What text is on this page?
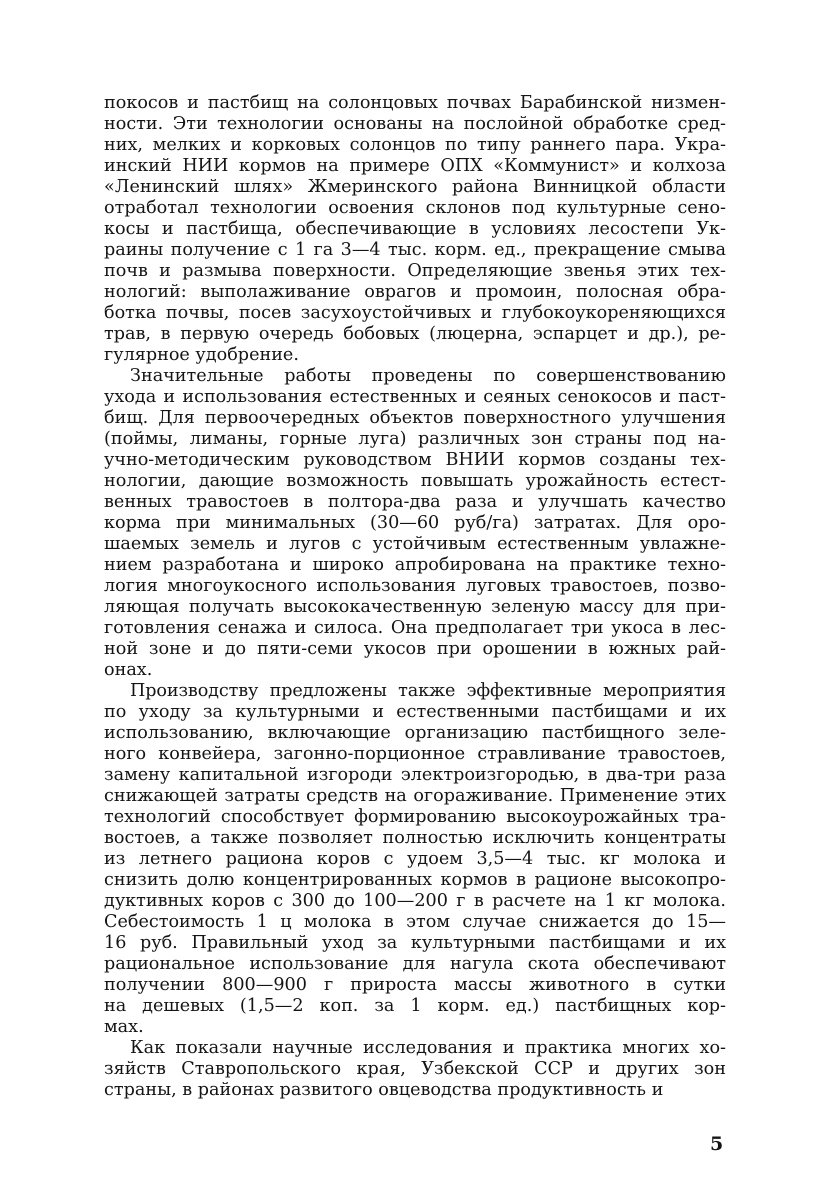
покосов и пастбищ на солонцовых почвах Барабинской низмен-
ности. Эти технологии основаны на послойной обработке сред-
них, мелких и корковых солонцов по типу раннего пара. Укра-
инский НИИ кормов на примере ОПХ «Коммунист» и колхоза
«Ленинский шлях» Жмеринского района Винницкой области
отработал технологии освоения склонов под культурные сено-
косы и пастбища, обеспечивающие в условиях лесостепи Ук-
раины получение с 1 га 3—4 тыс. корм. ед., прекращение смыва
почв и размыва поверхности. Определяющие звенья этих тех-
нологий: выполаживание оврагов и промоин, полосная обра-
ботка почвы, посев засухоустойчивых и глубокоукореняющихся
трав, в первую очередь бобовых (люцерна, эспарцет и др.), ре-
гулярное удобрение.
Значительные работы проведены по совершенствованию
ухода и использования естественных и сеяных сенокосов и паст-
бищ. Для первоочередных объектов поверхностного улучшения
(поймы, лиманы, горные луга) различных зон страны под на-
учно-методическим руководством ВНИИ кормов созданы тех-
нологии, дающие возможность повышать урожайность естест-
венных травостоев в полтора-два раза и улучшать качество
корма при минимальных (30—60 руб/га) затратах. Для оро-
шаемых земель и лугов с устойчивым естественным увлажне-
нием разработана и широко апробирована на практике техно-
логия многоукосного использования луговых травостоев, позво-
ляющая получать высококачественную зеленую массу для при-
готовления сенажа и силоса. Она предполагает три укоса в лес-
ной зоне и до пяти-семи укосов при орошении в южных рай-
онах.
Производству предложены также эффективные мероприятия
по уходу за культурными и естественными пастбищами и их
использованию, включающие организацию пастбищного зеле-
ного конвейера, загонно-порционное стравливание травостоев,
замену капитальной изгороди электроизгородью, в два-три раза
снижающей затраты средств на огораживание. Применение этих
технологий способствует формированию высокоурожайных тра-
востоев, а также позволяет полностью исключить концентраты
из летнего рациона коров с удоем 3,5—4 тыс. кг молока и
снизить долю концентрированных кормов в рационе высокопро-
дуктивных коров с 300 до 100—200 г в расчете на 1 кг молока.
Себестоимость 1 ц молока в этом случае снижается до 15—
16 руб. Правильный уход за культурными пастбищами и их
рациональное использование для нагула скота обеспечивают
получении 800—900 г прироста массы животного в сутки
на дешевых (1,5—2 коп. за 1 корм. ед.) пастбищных кор-
мах.
Как показали научные исследования и практика многих хо-
зяйств Ставропольского края, Узбекской ССР и других зон
страны, в районах развитого овцеводства продуктивность и
5
